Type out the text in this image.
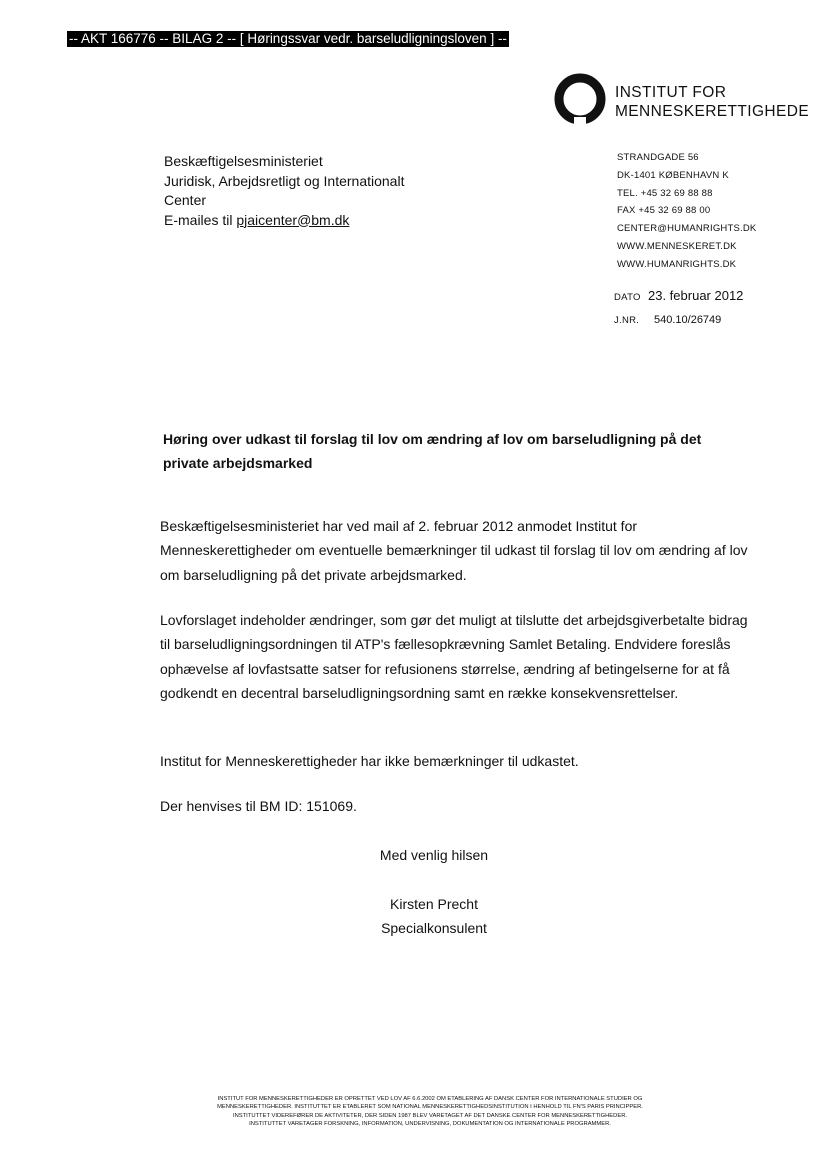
-- AKT 166776 -- BILAG 2 -- [ Høringssvar vedr. barseludligningsloven ] --
INSTITUT FOR
MENNESKERETTIGHEDE
Beskæftigelsesministeriet
Juridisk, Arbejdsretligt og Internationalt
Center
E-mailes til pjaicenter@bm.dk
STRANDGADE 56
DK-1401 KØBENHAVN K
TEL. +45 32 69 88 88
FAX +45 32 69 88 00
CENTER@HUMANRIGHTS.DK
WWW.MENNESKERET.DK
WWW.HUMANRIGHTS.DK
DATO 23. februar 2012
J.NR. 540.10/26749
Høring over udkast til forslag til lov om ændring af lov om barseludligning på det private arbejdsmarked

Beskæftigelsesministeriet har ved mail af 2. februar 2012 anmodet Institut for Menneskerettigheder om eventuelle bemærkninger til udkast til forslag til lov om ændring af lov om barseludligning på det private arbejdsmarked.

Lovforslaget indeholder ændringer, som gør det muligt at tilslutte det arbejdsgiverbetalte bidrag til barseludligningsordningen til ATP's fællesopkrævning Samlet Betaling. Endvidere foreslås ophævelse af lovfastsatte satser for refusionens størrelse, ændring af betingelserne for at få godkendt en decentral barseludligningsordning samt en række konsekvensrettelser.

Institut for Menneskerettigheder har ikke bemærkninger til udkastet.

Der henvises til BM ID: 151069.

Med venlig hilsen
Kirsten Precht
Specialkonsulent
INSTITUT FOR MENNESKERETTIGHEDER ER OPRETTET VED LOV AF 6.6.2002 OM ETABLERING AF DANSK CENTER FOR INTERNATIONALE STUDIER OG
MENNESKERETTIGHEDER. INSTITUTTET ER ETABLERET SOM NATIONAL MENNESKERETTIGHEDSINSTITUTION I HENHOLD TIL FN'S PARIS PRINCIPPER.
INSTITUTTET VIDEREFØRER DE AKTIVITETER, DER SIDEN 1987 BLEV VARETAGET AF DET DANSKE CENTER FOR MENNESKERETTIGHEDER.
INSTITUTTET VARETAGER FORSKNING, INFORMATION, UNDERVISNING, DOKUMENTATION OG INTERNATIONALE PROGRAMMER.
